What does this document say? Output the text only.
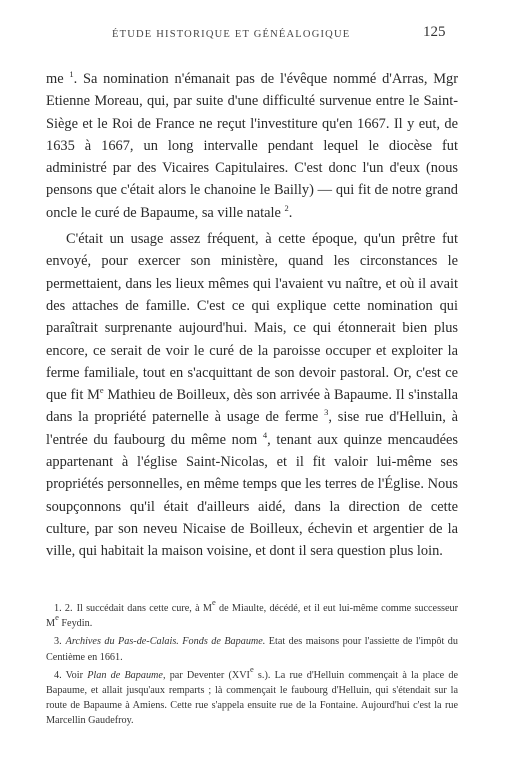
ÉTUDE HISTORIQUE ET GÉNÉALOGIQUE	125

me $^1$. Sa nomination n'émanait pas de l'évêque nommé d'Arras, Mgr Etienne Moreau, qui, par suite d'une difficulté survenue entre le Saint-Siège et le Roi de France ne reçut l'investiture qu'en 1667. Il y eut, de 1635 à 1667, un long intervalle pendant lequel le diocèse fut administré par des Vicaires Capitulaires. C'est donc l'un d'eux (nous pensons que c'était alors le chanoine le Bailly) — qui fit de notre grand oncle le curé de Bapaume, sa ville natale $^2$.

C'était un usage assez fréquent, à cette époque, qu'un prêtre fut envoyé, pour exercer son ministère, quand les circonstances le permettaient, dans les lieux mêmes qui l'avaient vu naître, et où il avait des attaches de famille. C'est ce qui explique cette nomination qui paraîtrait surprenante aujourd'hui. Mais, ce qui étonnerait bien plus encore, ce serait de voir le curé de la paroisse occuper et exploiter la ferme familiale, tout en s'acquittant de son devoir pastoral. Or, c'est ce que fit Me Mathieu de Boilleux, dès son arrivée à Bapaume. Il s'installa dans la propriété paternelle à usage de ferme $^3$, sise rue d'Helluin, à l'entrée du faubourg du même nom $^4$, tenant aux quinze mencaudées appartenant à l'église Saint-Nicolas, et il fit valoir lui-même ses propriétés personnelles, en même temps que les terres de l'Église. Nous soupçonnons qu'il était d'ailleurs aidé, dans la direction de cette culture, par son neveu Nicaise de Boilleux, échevin et argentier de la ville, qui habitait la maison voisine, et dont il sera question plus loin.

1. 2. Il succédait dans cette cure, à Me de Miaulte, décédé, et il eut lui-même comme successeur Me Feydin.

3. Archives du Pas-de-Calais. Fonds de Bapaume. Etat des maisons pour l'assiette de l'impôt du Centième en 1661.

4. Voir Plan de Bapaume, par Deventer (XVIe s.). La rue d'Helluin commençait à la place de Bapaume, et allait jusqu'aux remparts ; là commençait le faubourg d'Helluin, qui s'étendait sur la route de Bapaume à Amiens. Cette rue s'appela ensuite rue de la Fontaine. Aujourd'hui c'est la rue Marcellin Gaudefroy.
